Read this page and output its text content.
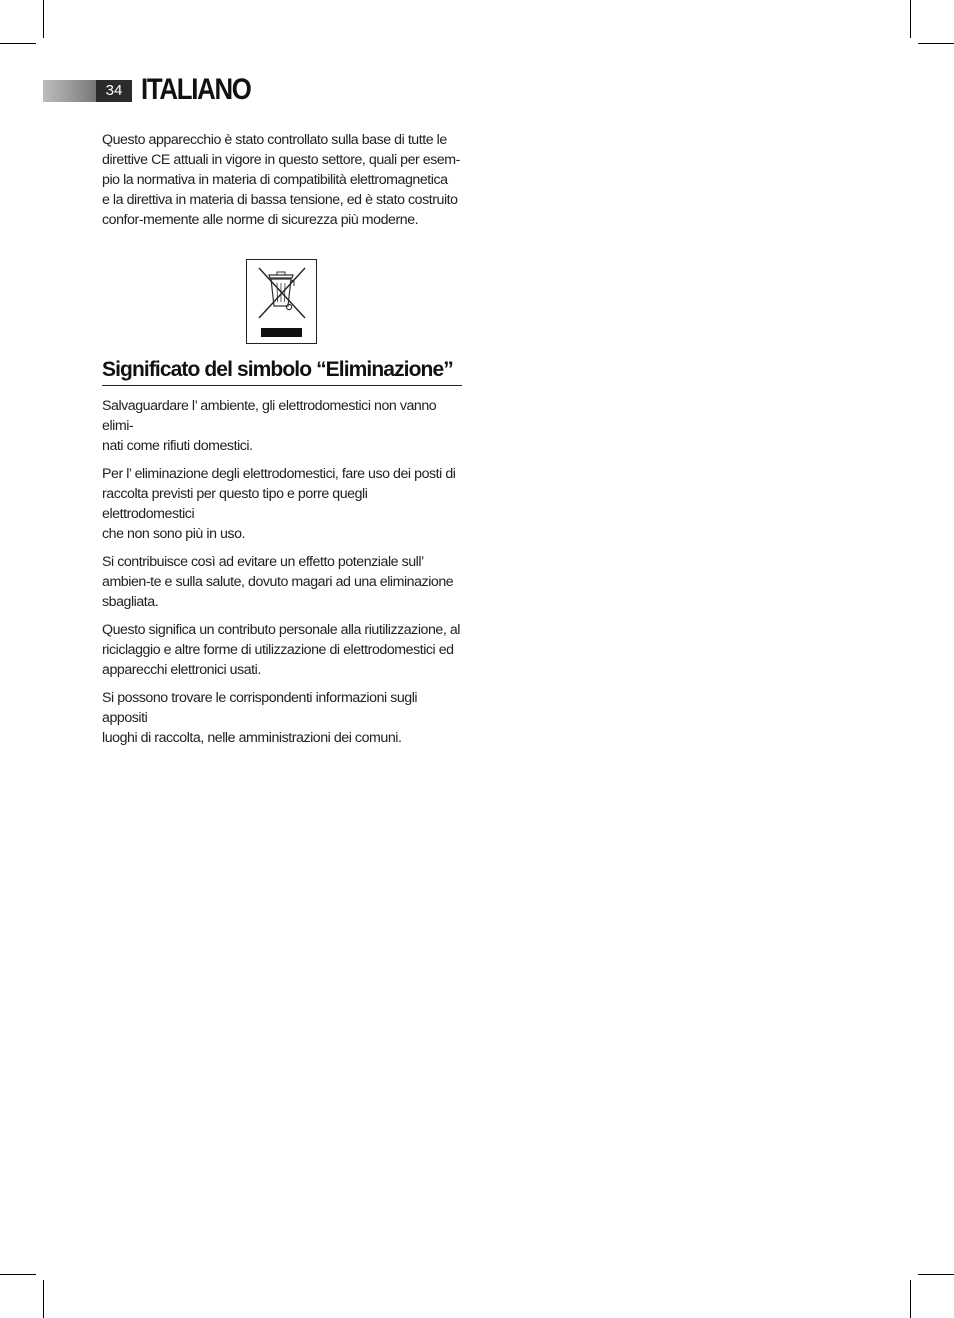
34 ITALIANO

Questo apparecchio è stato controllato sulla base di tutte le
direttive CE attuali in vigore in questo settore, quali per esem-
pio la normativa in materia di compatibilità elettromagnetica
e la direttiva in materia di bassa tensione, ed è stato costruito
confor-memente alle norme di sicurezza più moderne.

Significato del simbolo “Eliminazione”

Salvaguardare l’ ambiente, gli elettrodomestici non vanno elimi-
nati come rifiuti domestici.

Per l’ eliminazione degli elettrodomestici, fare uso dei posti di
raccolta previsti per questo tipo e porre quegli elettrodomestici
che non sono più in uso.

Si contribuisce così ad evitare un effetto potenziale sull’
ambien-te e sulla salute, dovuto magari ad una eliminazione
sbagliata.

Questo significa un contributo personale alla riutilizzazione, al
riciclaggio e altre forme di utilizzazione di elettrodomestici ed
apparecchi elettronici usati.

Si possono trovare le corrispondenti informazioni sugli appositi
luoghi di raccolta, nelle amministrazioni dei comuni.
